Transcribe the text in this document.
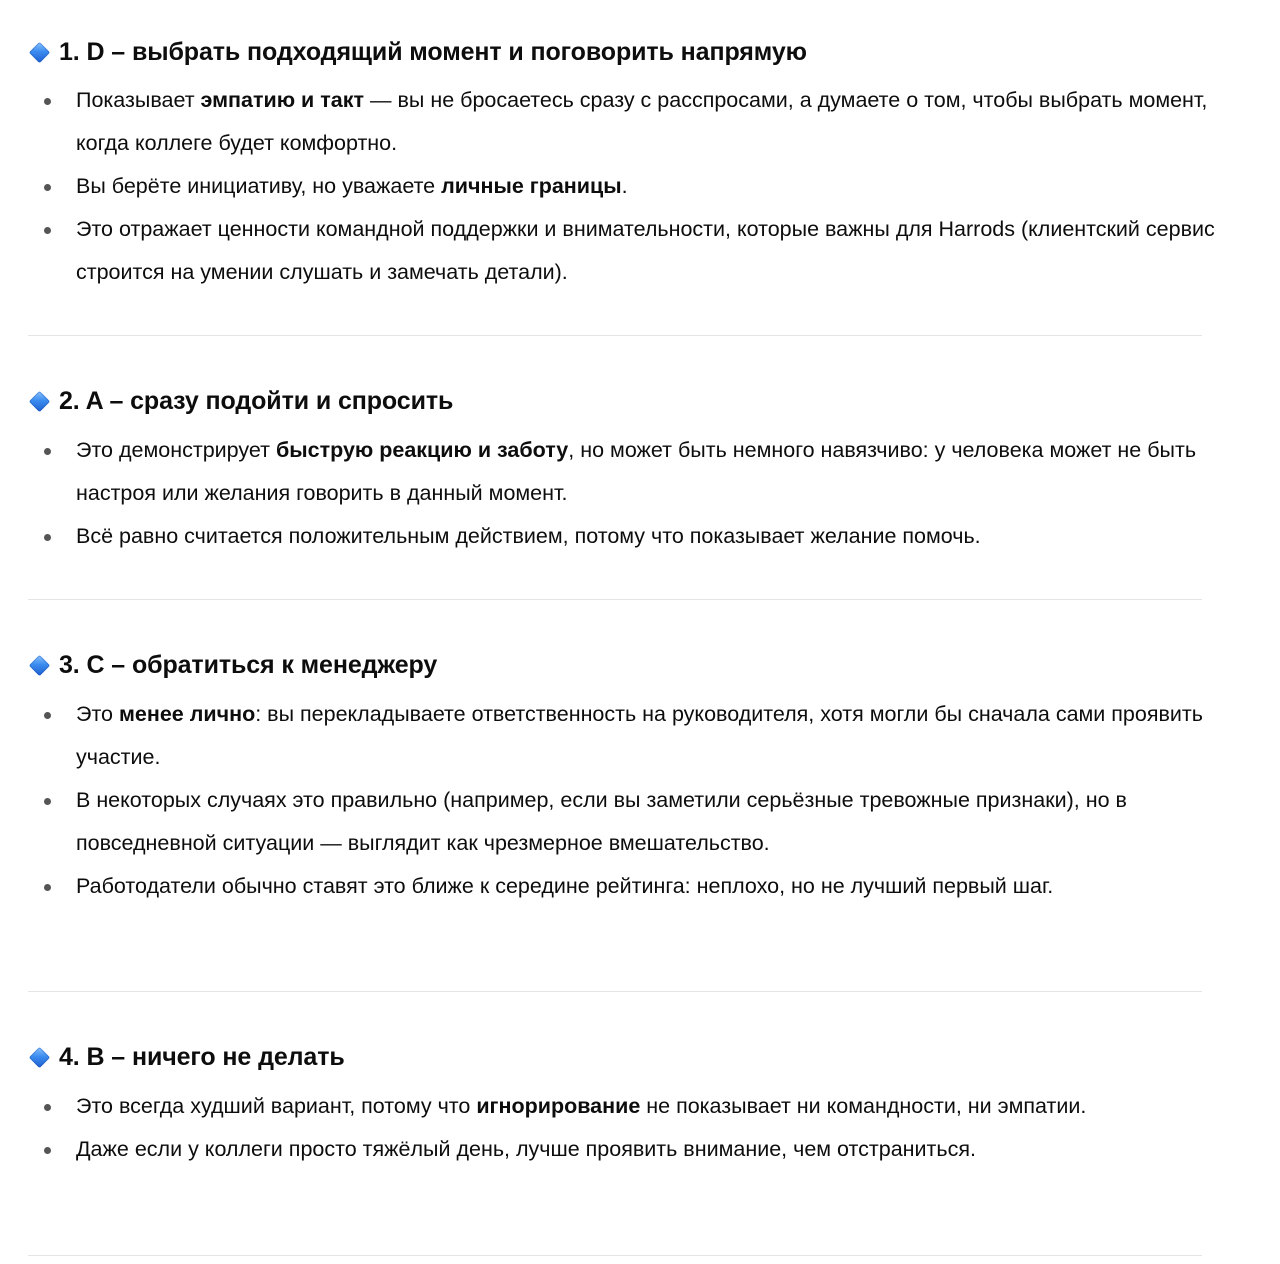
1. D – выбрать подходящий момент и поговорить напрямую
Показывает эмпатию и такт — вы не бросаетесь сразу с расспросами, а думаете о том, чтобы выбрать момент, когда коллеге будет комфортно.
Вы берёте инициативу, но уважаете личные границы.
Это отражает ценности командной поддержки и внимательности, которые важны для Harrods (клиентский сервис строится на умении слушать и замечать детали).
2. A – сразу подойти и спросить
Это демонстрирует быструю реакцию и заботу, но может быть немного навязчиво: у человека может не быть настроя или желания говорить в данный момент.
Всё равно считается положительным действием, потому что показывает желание помочь.
3. C – обратиться к менеджеру
Это менее лично: вы перекладываете ответственность на руководителя, хотя могли бы сначала сами проявить участие.
В некоторых случаях это правильно (например, если вы заметили серьёзные тревожные признаки), но в повседневной ситуации — выглядит как чрезмерное вмешательство.
Работодатели обычно ставят это ближе к середине рейтинга: неплохо, но не лучший первый шаг.
4. B – ничего не делать
Это всегда худший вариант, потому что игнорирование не показывает ни командности, ни эмпатии.
Даже если у коллеги просто тяжёлый день, лучше проявить внимание, чем отстраниться.
